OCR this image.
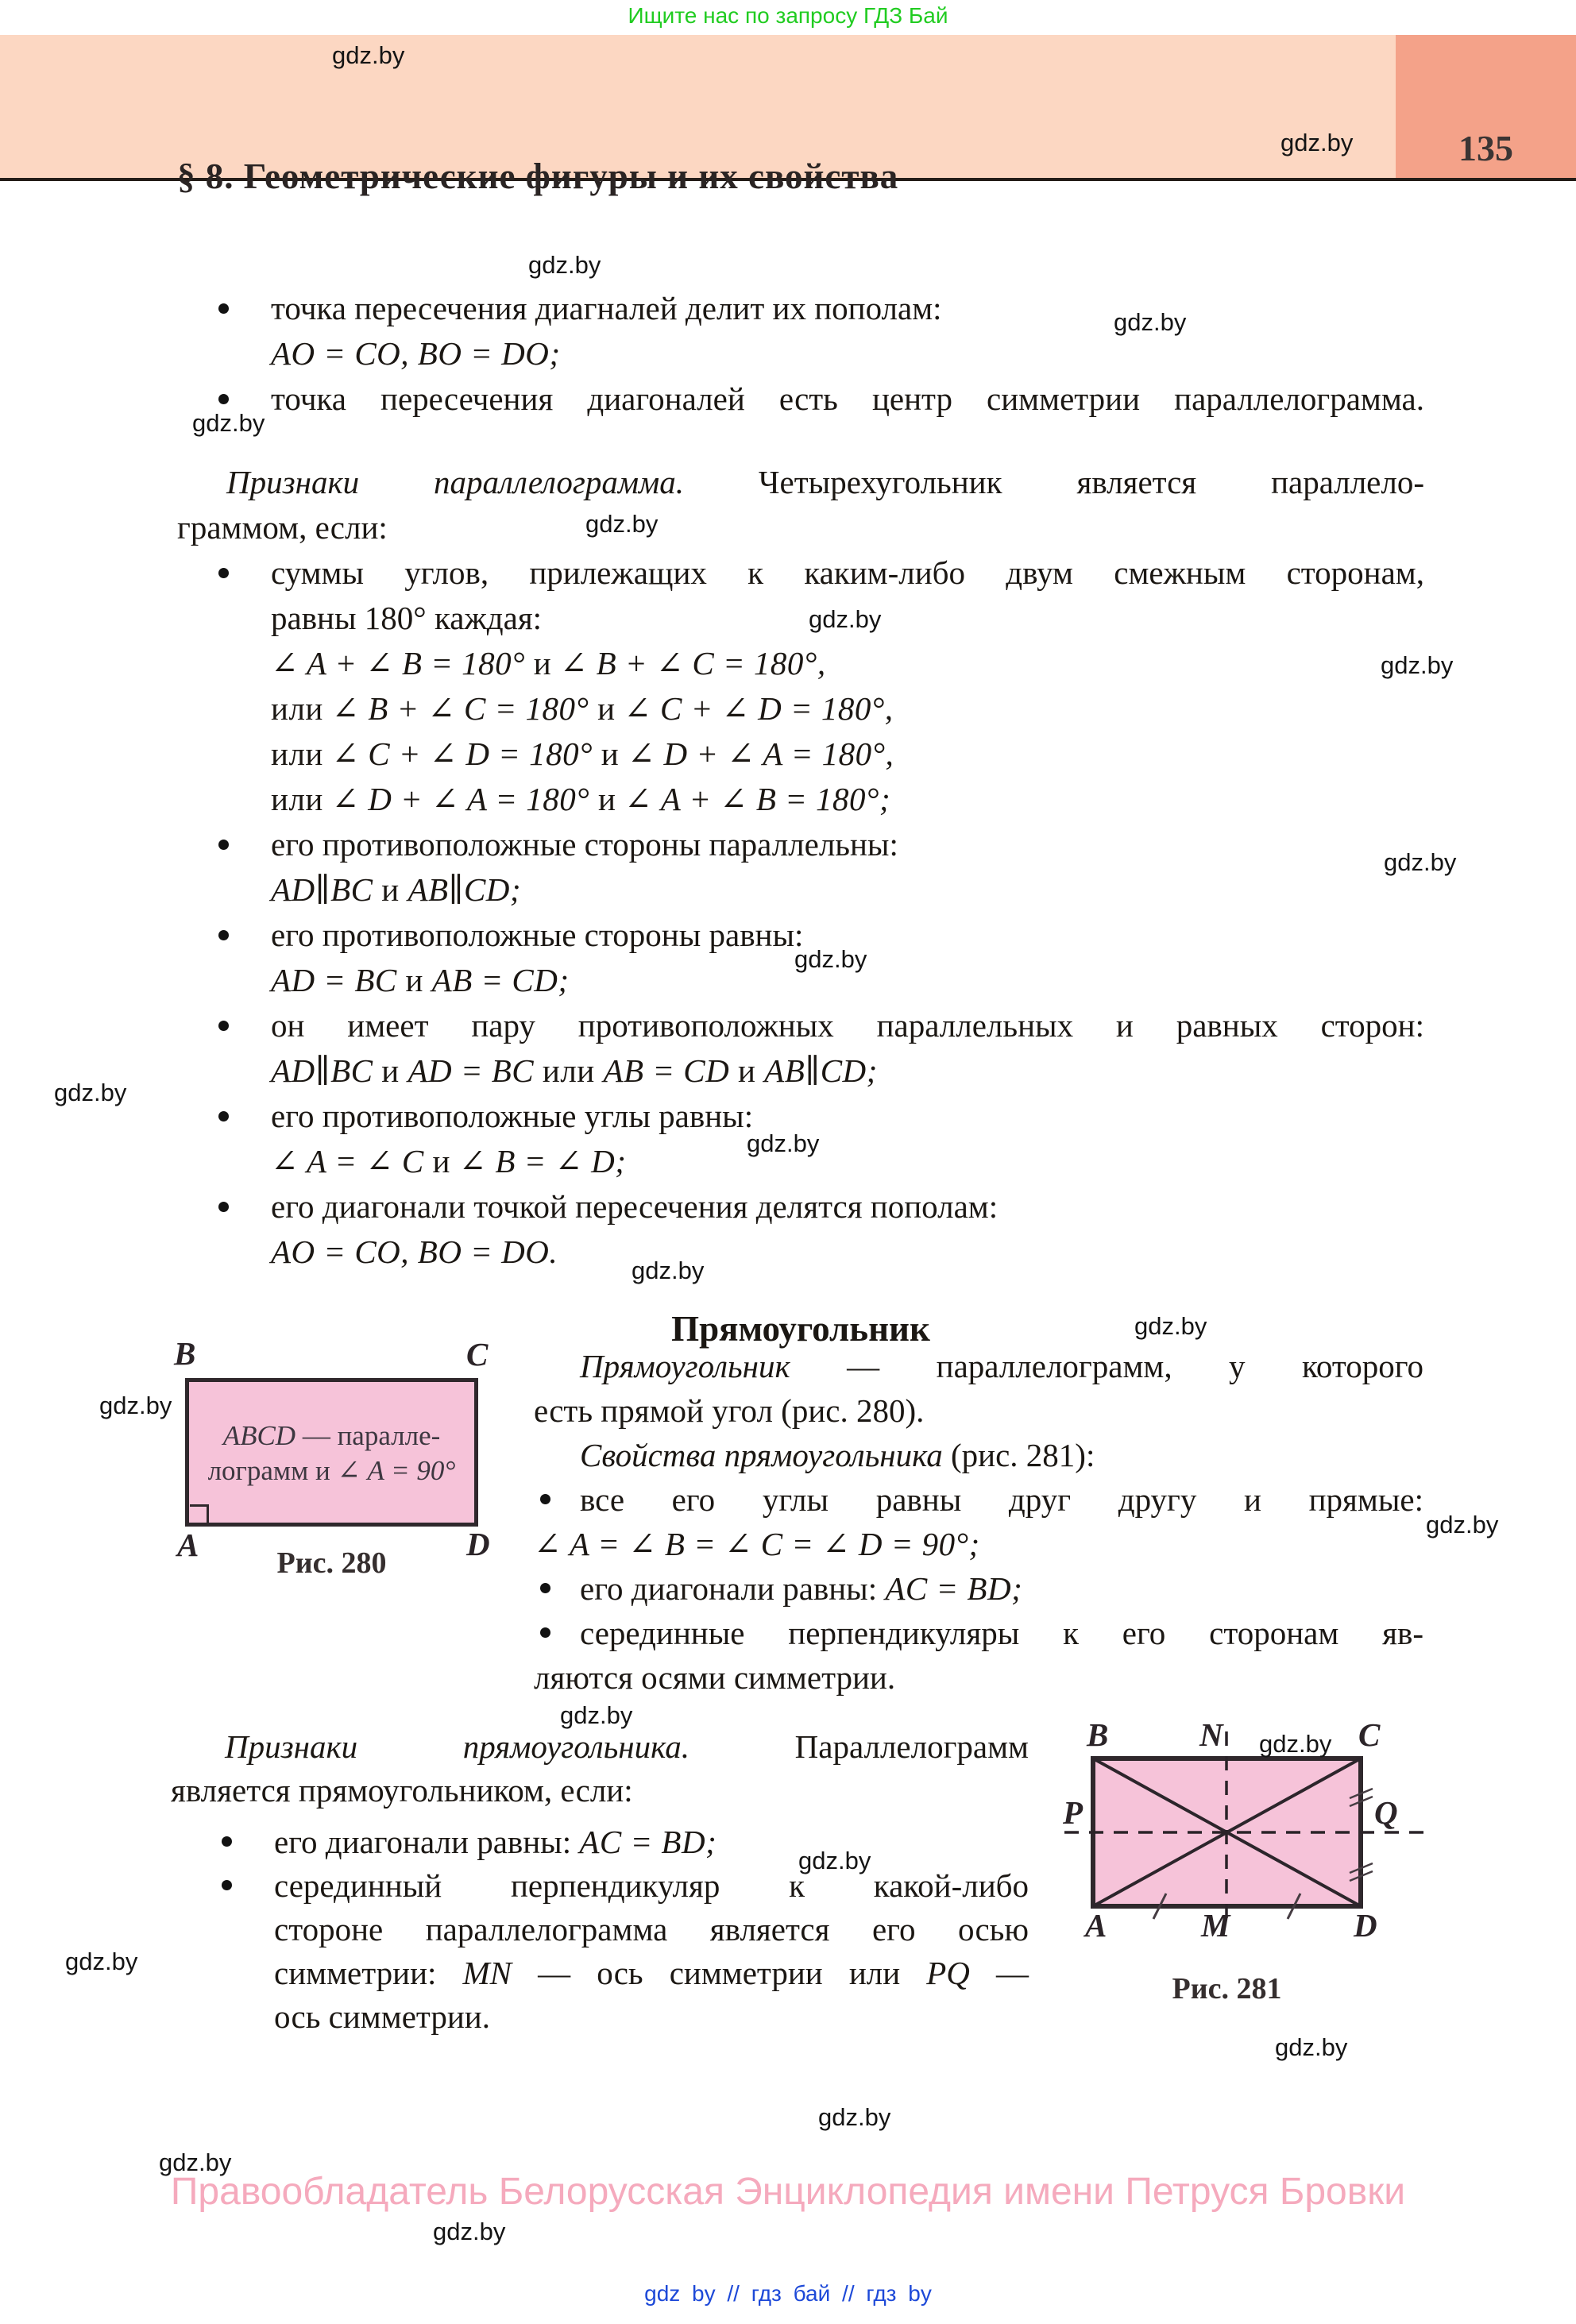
Ищите нас по запросу ГДЗ Бай
§ 8. Геометрические фигуры и их свойства
135
точка пересечения диагналей делит их пополам:
AO = CO, BO = DO;
точка пересечения диагоналей есть центр симметрии параллелограмма.
Признаки параллелограмма. Четырехугольник является параллело-
граммом, если:
суммы углов, прилежащих к каким-либо двум смежным сторонам,
равны 180° каждая:
∠ A + ∠ B = 180° и ∠ B + ∠ C = 180°,
или ∠ B + ∠ C = 180° и ∠ C + ∠ D = 180°,
или ∠ C + ∠ D = 180° и ∠ D + ∠ A = 180°,
или ∠ D + ∠ A = 180° и ∠ A + ∠ B = 180°;
его противоположные стороны параллельны:
AD∥BC и AB∥CD;
его противоположные стороны равны:
AD = BC и AB = CD;
он имеет пару противоположных параллельных и равных сторон:
AD∥BC и AD = BC или AB = CD и AB∥CD;
его противоположные углы равны:
∠ A = ∠ C и ∠ B = ∠ D;
его диагонали точкой пересечения делятся пополам:
AO = CO, BO = DO.
Прямоугольник
B	C
ABCD — паралле-
лограмм и ∠ A = 90°
A	D
Рис. 280
Прямоугольник — параллелограмм, у которого
есть прямой угол (рис. 280).
Свойства прямоугольника (рис. 281):
все его углы равны друг другу и прямые:
∠ A = ∠ B = ∠ C = ∠ D = 90°;
его диагонали равны: AC = BD;
серединные перпендикуляры к его сторонам яв-
ляются осями симметрии.
Признаки прямоугольника. Параллелограмм
является прямоугольником, если:
его диагонали равны: AC = BD;
серединный перпендикуляр к какой-либо
стороне параллелограмма является его осью
симметрии: MN — ось симметрии или PQ —
ось симметрии.
B	N	C
P	Q
A	M	D
Рис. 281
Правообладатель Белорусская Энциклопедия имени Петруся Бровки
gdz by // гдз бай // гдз by
gdz.by
gdz.by
gdz.by
gdz.by
gdz.by
gdz.by
gdz.by
gdz.by
gdz.by
gdz.by
gdz.by
gdz.by
gdz.by
gdz.by
gdz.by
gdz.by
gdz.by
gdz.by
gdz.by
gdz.by
gdz.by
gdz.by
gdz.by
gdz.by
